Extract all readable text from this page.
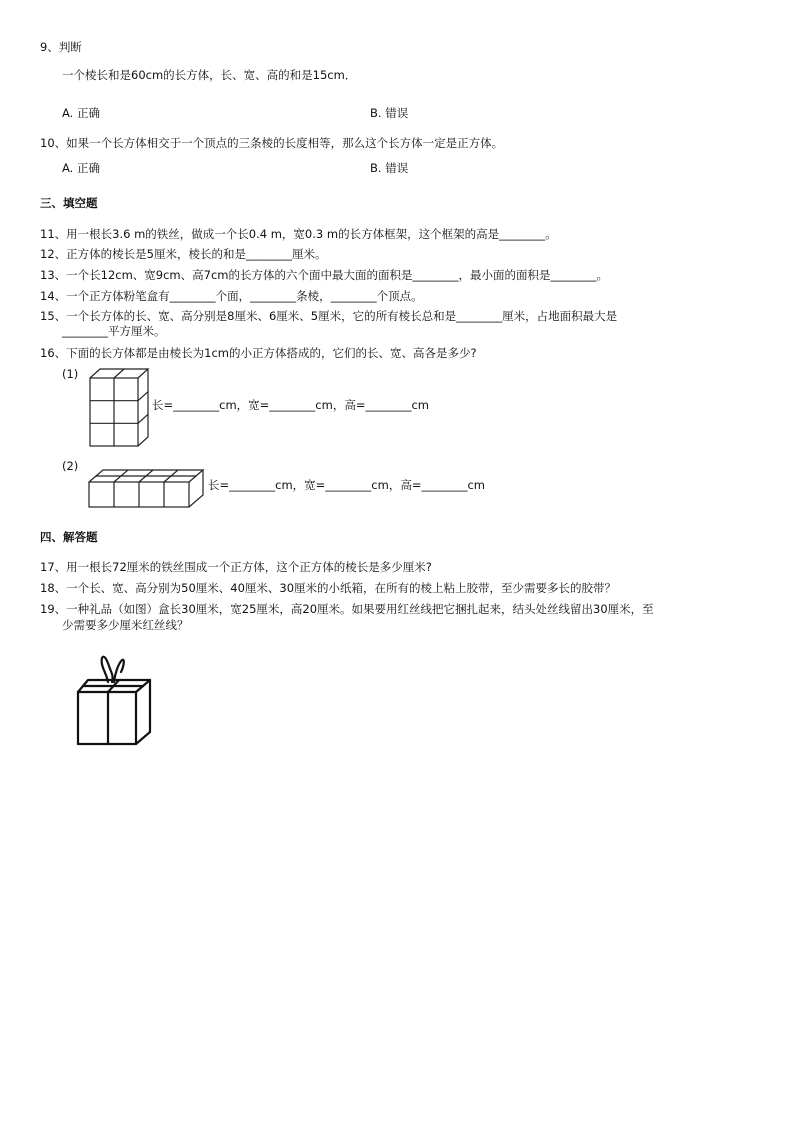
9、判断
一个棱长和是60cm的长方体，长、宽、高的和是15cm．
A. 正确	B. 错误
10、如果一个长方体相交于一个顶点的三条棱的长度相等，那么这个长方体一定是正方体。
A. 正确	B. 错误
三、填空题
11、用一根长3.6 m的铁丝，做成一个长0.4 m，宽0.3 m的长方体框架，这个框架的高是________。
12、正方体的棱长是5厘米，棱长的和是________厘米。
13、一个长12cm、宽9cm、高7cm的长方体的六个面中最大面的面积是________，最小面的面积是________。
14、一个正方体粉笔盒有________个面，________条棱，________个顶点。
15、一个长方体的长、宽、高分别是8厘米、6厘米、5厘米，它的所有棱长总和是________厘米，占地面积最大是
________平方厘米。
16、下面的长方体都是由棱长为1cm的小正方体搭成的，它们的长、宽、高各是多少?
(1)
长=________cm，宽=________cm，高=________cm
(2)
长=________cm，宽=________cm，高=________cm
四、解答题
17、用一根长72厘米的铁丝围成一个正方体，这个正方体的棱长是多少厘米?
18、一个长、宽、高分别为50厘米、40厘米、30厘米的小纸箱，在所有的棱上粘上胶带，至少需要多长的胶带？
19、一种礼品（如图）盒长30厘米，宽25厘米，高20厘米。如果要用红丝线把它捆扎起来，结头处丝线留出30厘米，至
少需要多少厘米红丝线？
